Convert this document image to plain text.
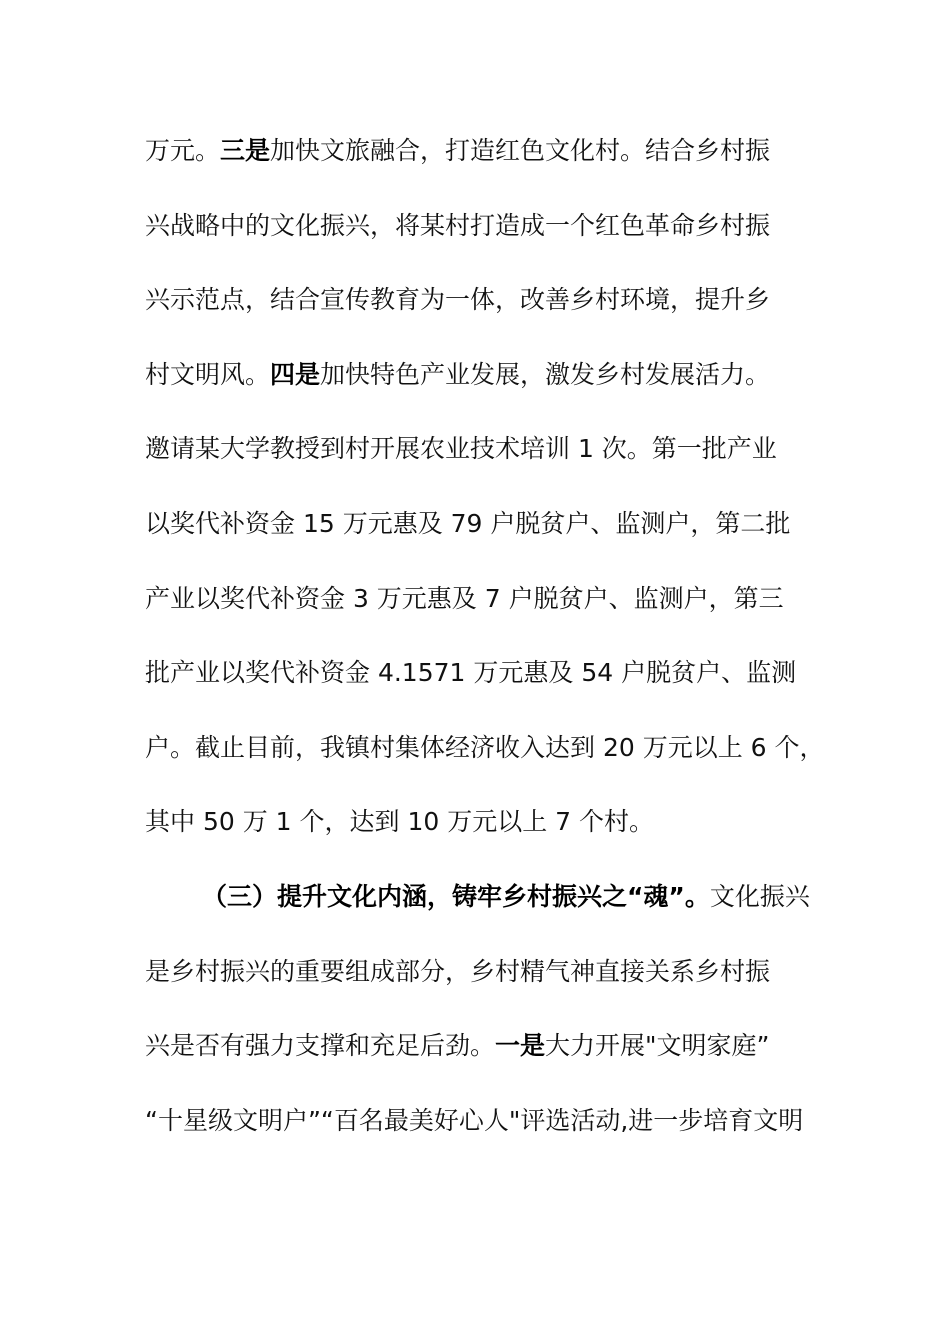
万元。三是加快文旅融合，打造红色文化村。结合乡村振
兴战略中的文化振兴，将某村打造成一个红色革命乡村振
兴示范点，结合宣传教育为一体，改善乡村环境，提升乡
村文明风。四是加快特色产业发展，激发乡村发展活力。
邀请某大学教授到村开展农业技术培训 1 次。第一批产业
以奖代补资金 15 万元惠及 79 户脱贫户、监测户，第二批
产业以奖代补资金 3 万元惠及 7 户脱贫户、监测户，第三
批产业以奖代补资金 4.1571 万元惠及 54 户脱贫户、监测
户。截止目前，我镇村集体经济收入达到 20 万元以上 6 个，
其中 50 万 1 个，达到 10 万元以上 7 个村。
（三）提升文化内涵，铸牢乡村振兴之“魂”。文化振兴
是乡村振兴的重要组成部分，乡村精气神直接关系乡村振
兴是否有强力支撑和充足后劲。一是大力开展"文明家庭”
“十星级文明户”“百名最美好心人"评选活动,进一步培育文明
